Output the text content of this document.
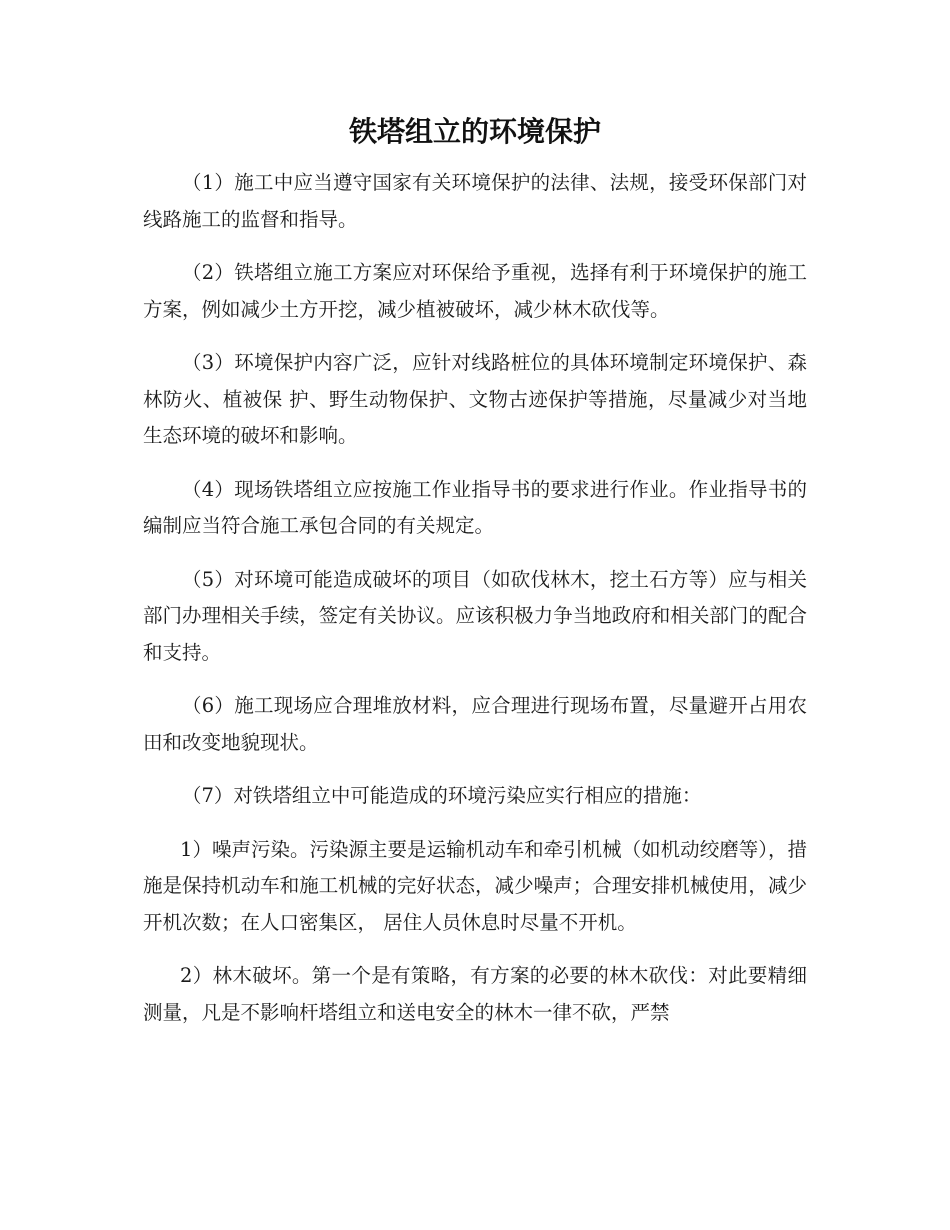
铁塔组立的环境保护

（1）施工中应当遵守国家有关环境保护的法律、法规，接受环保部门对线路施工的监督和指导。

（2）铁塔组立施工方案应对环保给予重视，选择有利于环境保护的施工方案，例如减少土方开挖，减少植被破坏，减少林木砍伐等。

（3）环境保护内容广泛，应针对线路桩位的具体环境制定环境保护、森林防火、植被保 护、野生动物保护、文物古迹保护等措施，尽量减少对当地生态环境的破坏和影响。

（4）现场铁塔组立应按施工作业指导书的要求进行作业。作业指导书的编制应当符合施工承包合同的有关规定。

（5）对环境可能造成破坏的项目（如砍伐林木，挖土石方等）应与相关部门办理相关手续，签定有关协议。应该积极力争当地政府和相关部门的配合和支持。

（6）施工现场应合理堆放材料，应合理进行现场布置，尽量避开占用农田和改变地貌现状。

（7）对铁塔组立中可能造成的环境污染应实行相应的措施：

1）噪声污染。污染源主要是运输机动车和牵引机械（如机动绞磨等），措施是保持机动车和施工机械的完好状态，减少噪声；合理安排机械使用，减少开机次数；在人口密集区， 居住人员休息时尽量不开机。

2）林木破坏。第一个是有策略，有方案的必要的林木砍伐：对此要精细测量，凡是不影响杆塔组立和送电安全的林木一律不砍，严禁
